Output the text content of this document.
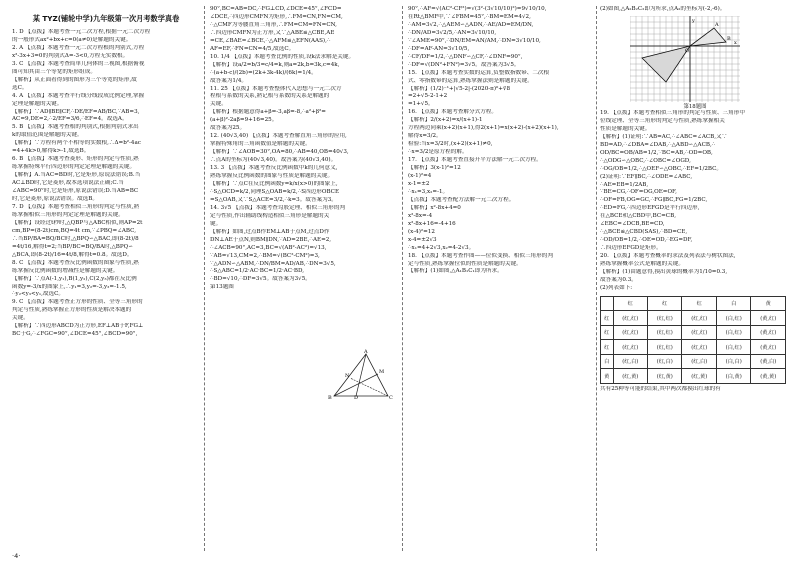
某 TYZ(铺轮中学)九年级第一次月考数学真卷
1. D 【点拨】本题考查一元二次方程,根据一元二次方程
的一般形式ax²+bx+c=0(a≠0)是解题的关键。
2. A 【点拨】本题考查一元二次方程根的判别式,方程
x²-3x+3=0的判别式Δ=-3<0,方程无实数根。
3. C 【点拨】本题考查简单几何体的三视图,根据俯视
图可知其由三个等宽的矩形组成。
【解析】从正面看得到的图形为三个等宽的矩形,故
选C。
4. A 【点拨】本题考查平行线分线段成比例定理,掌握
定理是解题的关键。
【解析】∵AD∥BE∥CF,∴DE/EF=AB/BC,∵AB=3,
AC=9,DE=2,∴2/EF=3/6,∴EF=4。故选A。
5. B 【点拨】本题考查根的判别式,根据判别式求出
k的取值范围是解题的关键。
【解析】∵方程有两个不相等的实数根,∴Δ=b²-4ac
=4+4k>0,解得k>-1,故选B。
6. B 【点拨】本题考查菱形、矩形的判定与性质,熟
练掌握特殊平行四边形的判定定理是解题的关键。
【解析】A.当AC=BD时,它是矩形,原说法错误;B.当
AC⊥BD时,它是菱形,故本选项说法正确;C.当
∠ABC=90°时,它是矩形,原说法错误;D.当AB=BC
时,它是菱形,原说法错误。故选B。
7. D 【点拨】本题考查相似三角形的判定与性质,熟
练掌握相似三角形的判定定理是解题的关键。
【解析】设经过t秒时,△QBP与△ABC相似,则AP=2t
cm,BP=(8-2t)cm,BQ=4t cm,∵∠PBQ=∠ABC,
∴当BP/BA=BQ/BC时,△BPQ∽△BAC,即(8-2t)/8
=4t/16,解得t=2;当BP/BC=BQ/BA时,△BPQ∽
△BCA,即(8-2t)/16=4t/8,解得t=0.8。故选D。
8. C 【点拨】本题考查反比例函数的图象与性质,熟
练掌握反比例函数的增减性是解题的关键。
【解析】∵点A(-1,y₁),B(1,y₂),C(2,y₃)都在反比例
函数y=-3/x的图象上,∴y₁=3,y₂=-3,y₃=-1.5,
∴y₂<y₃<y₁,故选C。
9. C 【点拨】本题考查正方形的性质、全等三角形的
判定与性质,熟练掌握正方形的性质是解决本题的
关键。
【解析】∵四边形ABCD为正方形,EF⊥AB于F,FG⊥
BC于G,∴∠FGC=90°,∠DCE=45°,∠BCD=90°,
90°,BC=AB=DC,∴FG⊥CD,∠DCE=45°,∠FCD=
∠DCE,∴四边形CMFN为矩形,∴FM=CN,FN=CM,
∴△CMF为等腰直角三角形,∴FM=CM=FN=CN,
∴四边形CMFN为正方形,又∵△ABE≌△CBE,AE
=CE,∠BAE=∠BCE,∴△AFM≌△EFN(AAS),∴
AF=EF,∴FN=CN=4/5,故选C。
10. 1/4 【点拨】本题考查比例的性质,设k法求解是关键。
【解析】设a/2=b/3=c/4=k,则a=2k,b=3k,c=4k,
∴(a+b-c)/(2b)=(2k+3k-4k)/(6k)=1/4。
故答案为1/4。
11. 25 【点拨】本题考查整体代入思想与一元二次方
程根与系数的关系,熟记根与系数的关系是解题的
关键。
【解析】根据题意得a+β=-3,aβ=-8,∴a²+β²=
(a+β)²-2aβ=9+16=25。
故答案为25。
12. (40√3,40) 【点拨】本题考查解直角三角形的应用,
掌握特殊角的三角函数值是解题的关键。
【解析】∵∠AOB=30°,OA=80,∴AB=40,OB=40√3,
∴点A的坐标为(40√3,40)。故答案为(40√3,40)。
13. 3 【点拨】本题考查反比例函数中k的几何意义,
熟练掌握反比例函数的图象与性质是解题的关键。
【解析】∵点C在反比例函数y=k/x(x>0)的图象上,
∴S△OCD=k/2,同理S△OAB=k/2,∴S四边形OBCE
=S△OAB,又∵S△ACE=3/2,∴k=3。故答案为3。
14. 3√5 【点拨】本题考查勾股定理、相似三角形的判
定与性质,作出辅助线构造相似三角形是解题的关
键。
【解析】如图,过点B作EM⊥AB于点M,过点D作
DN⊥AE于点N,则BM∥DN,∵AD=2BE,∴AE=2,
∴∠ACB=90°,AC=3,BC=√(AB²-AC²)=√13,
∵AB=√13,CM=2,∴BM=√(BC²-CM²)=3,
∵△ADN∽△ABM,∴DN/BM=AD/AB,∴DN=3√5,
∴S△ABC=1/2·AC·BC=1/2·AC·BD,
∴BD=√10,∴DF=3√5。故答案为3√5。
第13题图
A
B	C
D
M
N
90°,∴AF=√(AC²-CF²)=√(3²-(3√10/10)²)=9√10/10,
在Rt△BMF中,∵∠FBM=45°,∴BM=EM=4√2,
∴AM=3√2,∴△AEM∽△ADN,∴AE/AD=EM/DN,
∴DN/AD=3√2/5,∴AN=3√10/10,
∵∠AME=90°,∴DN/EM=AN/AM,∴DN=3√10/10,
∴DF=AF-AN=3√10/5,
∴CF/DF=1/2,∴△DNF∽△CF,∴∠DNF=90°,
∴DF=√(DN²+FN²)=3√5。故答案为3√5。
15. 【点拨】本题考查实数的运算,负整数指数幂、二次根
式、零指数幂的运算,熟练掌握法则是解题的关键。
【解析】(1/2)⁻¹+|√5-2|-(2020-π)⁰+∛8
=2+√5-2-1+2
=1+√5。
16. 【点拨】本题考查解分式方程。
【解析】2/(x+2)=x/(x+1)-1
方程两边同乘(x+2)(x+1),得2(x+1)=x(x+2)-(x+2)(x+1),
解得x=3/2。
检验:当x=3/2时,(x+2)(x+1)≠0,
∴x=3/2是原方程的解。
17. 【点拨】本题考查直接开平方法解一元二次方程。
【解析】3(x-1)²=12
(x-1)²=4
x-1=±2
∴x₁=3,x₂=-1。
【点拨】本题考查配方法解一元二次方程。
【解析】x²-8x+4=0
x²-8x=-4
x²-8x+16=-4+16
(x-4)²=12
x-4=±2√3
∴x₁=4+2√3,x₂=4-2√3。
18. 【点拨】本题考查作图——位似变换、相似三角形的判
定与性质,熟练掌握位似的性质是解题的关键。
【解析】(1)如图,△A₁B₁C₁即为所求。
(2)如图,△A₂B₂C₂即为所求,点A₂的坐标为(-2,-6)。
y
x
O
A
B
第18题图
19. 【点拨】本题考查相似三角形的判定与性质、三角形中
位线定理、全等三角形的判定与性质,熟练掌握相关
性质是解题的关键。
【解析】(1)证明:∵AB=AC,∴∠ABC=∠ACB,又∵
BD=AD,∴∠DBA=∠DAB,∴△ABD∽△ACB,∴
OD/BC=OB/AB=1/2,∵BC=AB,∴OD=OB,
∴△ODG∽△OBC,∴∠OBC=∠OGD,
∴OG/OB=1/2,∴△OEF∽△OBC,∴EF=1/2BC。
(2)证明:∵EF∥BC,∴∠ODE=∠ABC,
∴AE=EB=1/2AB,
∵BE=CG,∴OF=OG,OE=OF,
∴OF=FB,OG=GC,∴FG∥BC,FG=1/2BC,
∴ED=FG,∴四边形EFGD是平行四边形,
在△BCE和△CBD中,BC=CB,
∠EBC=∠DCB,BE=CD,
∴△BCE≌△CBD(SAS),∴BD=CE,
∴OD/OB=1/2,∴OE=OD,∴EG=DF,
∴四边形EFGD是矩形。
20. 【点拨】本题考查概率的求法及列表法与树状图法,
熟练掌握概率公式是解题的关键。
【解析】(1)由题意得,摸出黄球的概率为1/10=0.3,
故答案为0.3。
(2)列表如下:
	红	红	红	白	黄
红	(红,红)	(红,红)	(红,红)	(白,红)	(黄,红)
红	(红,红)	(红,红)	(红,红)	(白,红)	(黄,红)
红	(红,红)	(红,红)	(红,红)	(白,红)	(黄,红)
白	(红,白)	(红,白)	(红,白)	(白,白)	(黄,白)
黄	(红,黄)	(红,黄)	(红,黄)	(白,黄)	(黄,黄)
共有25种等可能的结果,其中两次都摸出红球的有
·4·
